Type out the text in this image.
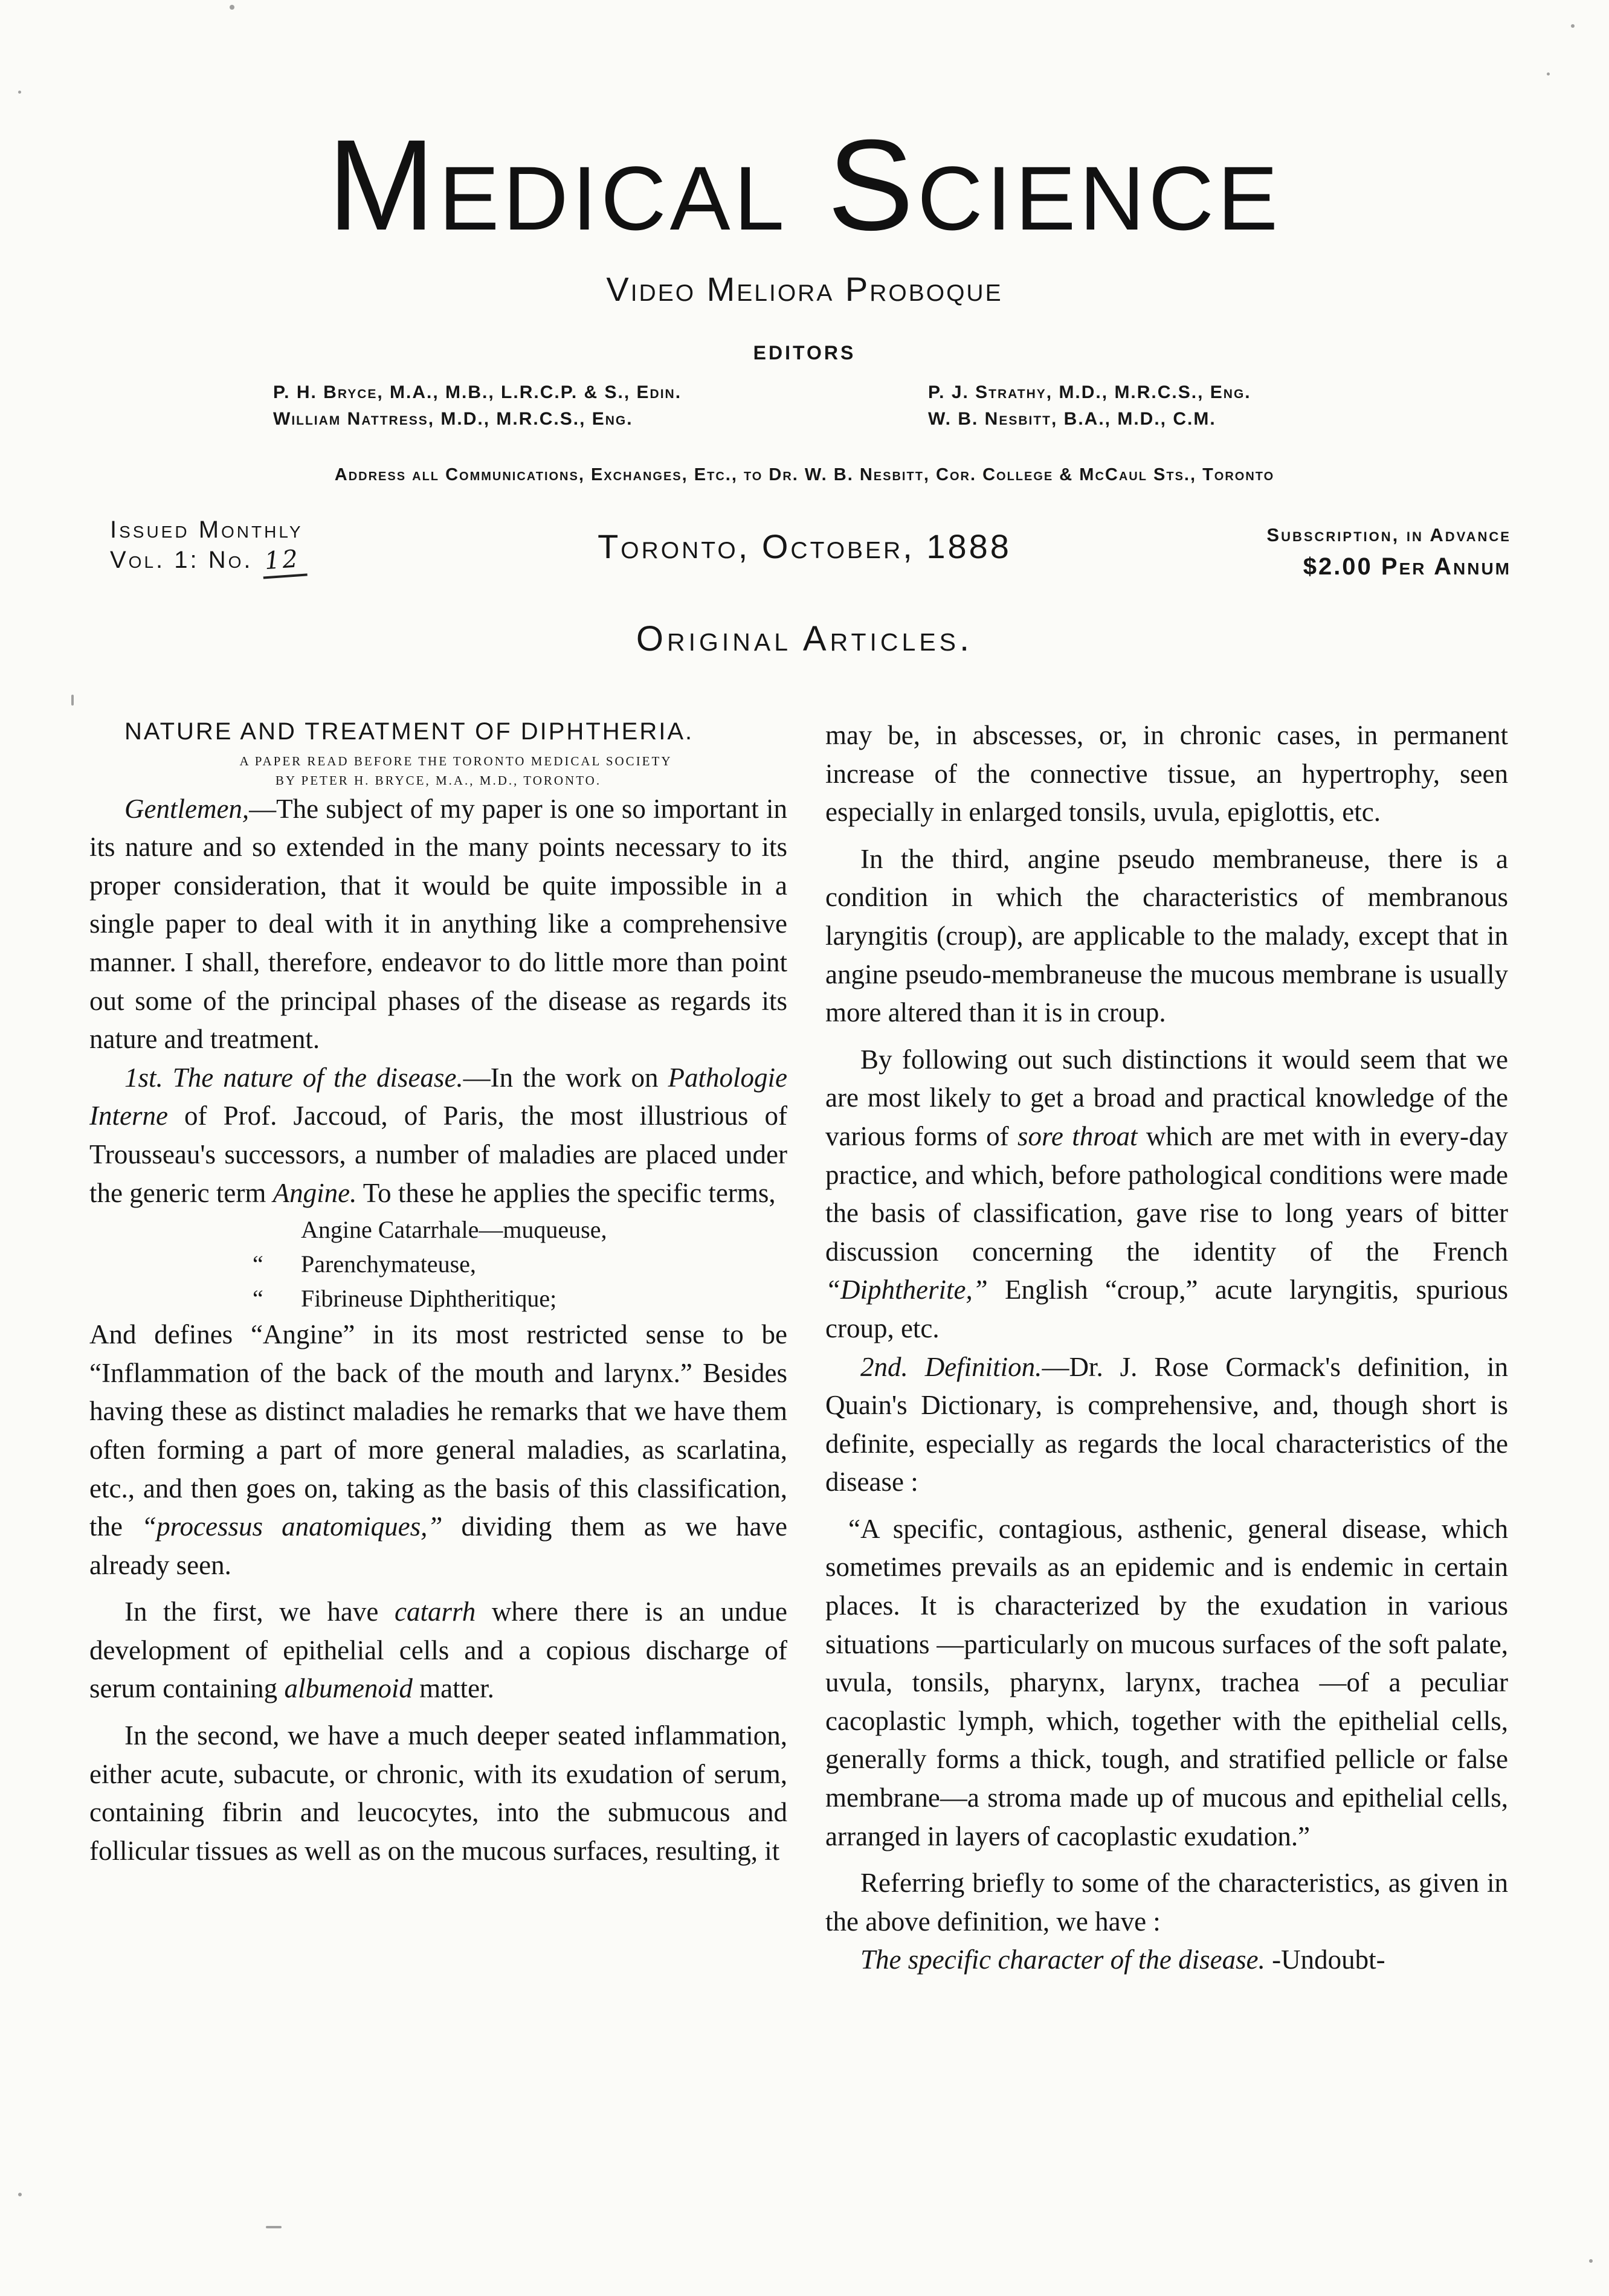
Medical Science
Video Meliora Proboque
EDITORS
P. H. Bryce, M.A., M.B., L.R.C.P. & S., Edin.
William Nattress, M.D., M.R.C.S., Eng.
P. J. Strathy, M.D., M.R.C.S., Eng.
W. B. Nesbitt, B.A., M.D., C.M.
Address all Communications, Exchanges, Etc., to Dr. W. B. Nesbitt, Cor. College & McCaul Sts., Toronto
Issued Monthly
Vol. 1: No. 12	Toronto, October, 1888	Subscription, in Advance
$2.00 Per Annum
Original Articles.

NATURE AND TREATMENT OF DIPHTHERIA.

A PAPER READ BEFORE THE TORONTO MEDICAL SOCIETY
BY PETER H. BRYCE, M.A., M.D., TORONTO.

Gentlemen,—The subject of my paper is one so important in its nature and so extended in the many points necessary to its proper consideration, that it would be quite impossible in a single paper to deal with it in anything like a comprehensive manner. I shall, therefore, endeavor to do little more than point out some of the principal phases of the disease as regards its nature and treatment.

1st. The nature of the disease.—In the work on Pathologie Interne of Prof. Jaccoud, of Paris, the most illustrious of Trousseau's successors, a number of maladies are placed under the generic term Angine. To these he applies the specific terms,

Angine Catarrhale—muqueuse,
“ Parenchymateuse,
“ Fibrineuse Diphtheritique;

And defines “Angine” in its most restricted sense to be “Inflammation of the back of the mouth and larynx.” Besides having these as distinct maladies he remarks that we have them often forming a part of more general maladies, as scarlatina, etc., and then goes on, taking as the basis of this classification, the “processus anatomiques,” dividing them as we have already seen.

In the first, we have catarrh where there is an undue development of epithelial cells and a copious discharge of serum containing albumenoid matter.

In the second, we have a much deeper seated inflammation, either acute, subacute, or chronic, with its exudation of serum, containing fibrin and leucocytes, into the submucous and follicular tissues as well as on the mucous surfaces, resulting, it

may be, in abscesses, or, in chronic cases, in permanent increase of the connective tissue, an hypertrophy, seen especially in enlarged tonsils, uvula, epiglottis, etc.

In the third, angine pseudo membraneuse, there is a condition in which the characteristics of membranous laryngitis (croup), are applicable to the malady, except that in angine pseudo-membraneuse the mucous membrane is usually more altered than it is in croup.

By following out such distinctions it would seem that we are most likely to get a broad and practical knowledge of the various forms of sore throat which are met with in every-day practice, and which, before pathological conditions were made the basis of classification, gave rise to long years of bitter discussion concerning the identity of the French “Diphtherite,” English “croup,” acute laryngitis, spurious croup, etc.

2nd. Definition.—Dr. J. Rose Cormack's definition, in Quain's Dictionary, is comprehensive, and, though short is definite, especially as regards the local characteristics of the disease :

“A specific, contagious, asthenic, general disease, which sometimes prevails as an epidemic and is endemic in certain places. It is characterized by the exudation in various situations —particularly on mucous surfaces of the soft palate, uvula, tonsils, pharynx, larynx, trachea —of a peculiar cacoplastic lymph, which, together with the epithelial cells, generally forms a thick, tough, and stratified pellicle or false membrane—a stroma made up of mucous and epithelial cells, arranged in layers of cacoplastic exudation.”

Referring briefly to some of the characteristics, as given in the above definition, we have :

The specific character of the disease. -Undoubt-
